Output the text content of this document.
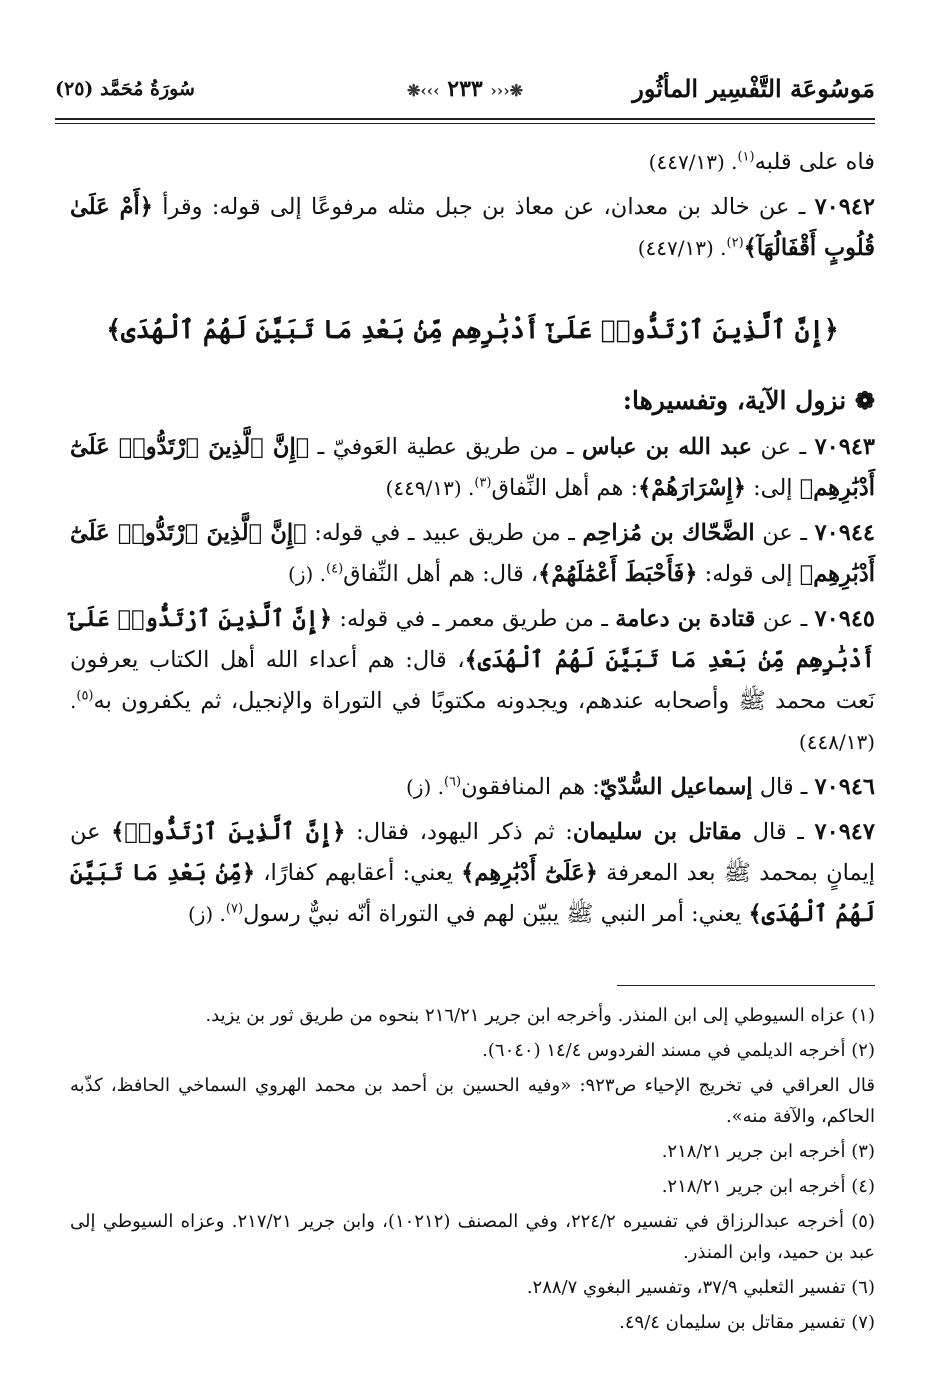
مَوسُوعَة التَّفْسِير المأثُور
❋‹‹‹ ٢٣٣ ›››❋
سُورَةُ مُحَمَّد (٢٥)

فاه على قلبه$^{(١)}$. (٤٤٧/١٣)

٧٠٩٤٢ ـ عن خالد بن معدان، عن معاذ بن جبل مثله مرفوعًا إلى قوله: وقرأ ﴿أَمْ عَلَىٰ قُلُوبٍ أَقْفَالُهَآ﴾$^{(٢)}$. (٤٤٧/١٣)

﴿إِنَّ ٱلَّذِينَ ٱرْتَدُّوا۟ عَلَىٰٓ أَدْبَٰرِهِم مِّنۢ بَعْدِ مَا تَبَيَّنَ لَهُمُ ٱلْهُدَى﴾

❁ نزول الآية، وتفسيرها:

٧٠٩٤٣ ـ عن عبد الله بن عباس ـ من طريق عطية العَوفيّ ـ ﴿إِنَّ ٱلَّذِينَ ٱرْتَدُّوا۟ عَلَىٰٓ أَدْبَٰرِهِم﴾ إلى: ﴿إِسْرَارَهُمْ﴾: هم أهل النِّفاق$^{(٣)}$. (٤٤٩/١٣)

٧٠٩٤٤ ـ عن الضَّحّاك بن مُزاحِم ـ من طريق عبيد ـ في قوله: ﴿إِنَّ ٱلَّذِينَ ٱرْتَدُّوا۟ عَلَىٰٓ أَدْبَٰرِهِم﴾ إلى قوله: ﴿فَأَحْبَطَ أَعْمَٰلَهُمْ﴾، قال: هم أهل النِّفاق$^{(٤)}$. (ز)

٧٠٩٤٥ ـ عن قتادة بن دعامة ـ من طريق معمر ـ في قوله: ﴿إِنَّ ٱلَّذِينَ ٱرْتَدُّوا۟ عَلَىٰٓ أَدْبَٰرِهِم مِّنۢ بَعْدِ مَا تَبَيَّنَ لَهُمُ ٱلْهُدَى﴾، قال: هم أعداء الله أهل الكتاب يعرفون نَعت محمد ﷺ وأصحابه عندهم، ويجدونه مكتوبًا في التوراة والإنجيل، ثم يكفرون به$^{(٥)}$. (٤٤٨/١٣)

٧٠٩٤٦ ـ قال إسماعيل السُّدّيّ: هم المنافقون$^{(٦)}$. (ز)

٧٠٩٤٧ ـ قال مقاتل بن سليمان: ثم ذكر اليهود، فقال: ﴿إِنَّ ٱلَّذِينَ ٱرْتَدُّوا۟﴾ عن إيمانٍ بمحمد ﷺ بعد المعرفة ﴿عَلَىٰٓ أَدْبَٰرِهِم﴾ يعني: أعقابهم كفارًا، ﴿مِّنۢ بَعْدِ مَا تَبَيَّنَ لَهُمُ ٱلْهُدَى﴾ يعني: أمر النبي ﷺ يبيّن لهم في التوراة أنّه نبيٌّ رسول$^{(٧)}$. (ز)

(١) عزاه السيوطي إلى ابن المنذر. وأخرجه ابن جرير ٢١٦/٢١ بنحوه من طريق ثور بن يزيد.

(٢) أخرجه الديلمي في مسند الفردوس ١٤/٤ (٦٠٤٠).

قال العراقي في تخريج الإحياء ص٩٢٣: «وفيه الحسين بن أحمد بن محمد الهروي السماخي الحافظ، كذّبه الحاكم، والآفة منه».

(٣) أخرجه ابن جرير ٢١٨/٢١.

(٤) أخرجه ابن جرير ٢١٨/٢١.

(٥) أخرجه عبدالرزاق في تفسيره ٢٢٤/٢، وفي المصنف (١٠٢١٢)، وابن جرير ٢١٧/٢١. وعزاه السيوطي إلى عبد بن حميد، وابن المنذر.

(٦) تفسير الثعلبي ٣٧/٩، وتفسير البغوي ٢٨٨/٧.

(٧) تفسير مقاتل بن سليمان ٤٩/٤.
